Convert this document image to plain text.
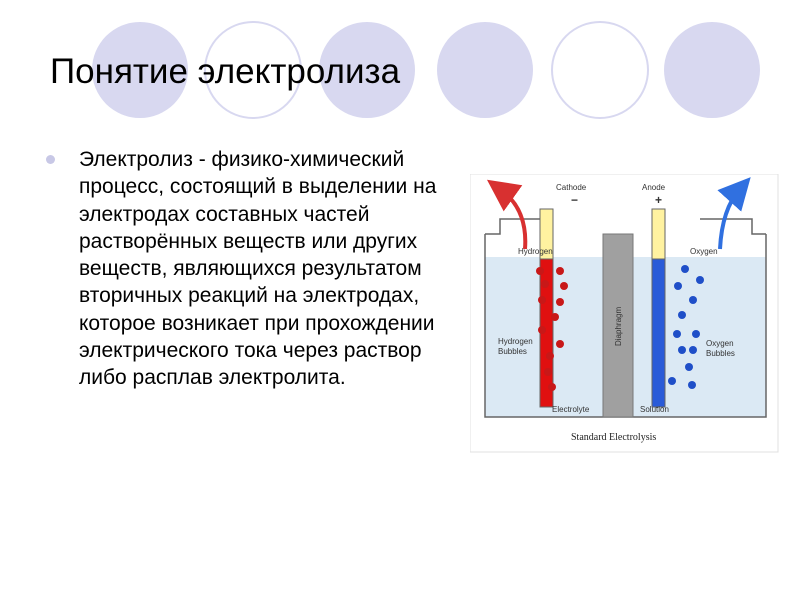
Понятие электролиза

Электролиз - физико-химический процесс, состоящий в выделении на электродах составных частей растворённых веществ или других веществ, являющихся результатом вторичных реакций на электродах, которое возникает при прохождении электрического тока через раствор либо расплав электролита.

Diaphragm
Cathode
−
Anode
+
Hydrogen	Oxygen
Hydrogen
Bubbles
Oxygen
Bubbles
Electrolyte	Solution
Standard Electrolysis
